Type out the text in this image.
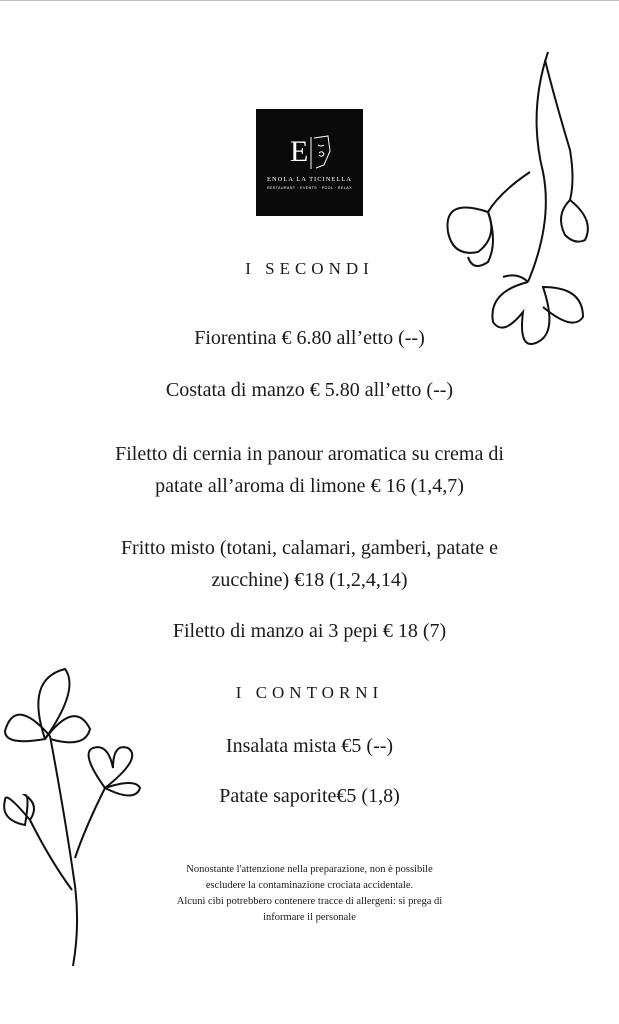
E
ENOLA LA TICINELLA
RESTAURANT · EVENTS · POOL · RELAX
I SECONDI
Fiorentina € 6.80 all’etto (--)
Costata di manzo € 5.80 all’etto (--)
Filetto di cernia in panour aromatica su crema di
patate all’aroma di limone € 16 (1,4,7)
Fritto misto (totani, calamari, gamberi, patate e
zucchine) €18 (1,2,4,14)
Filetto di manzo ai 3 pepi € 18 (7)
I CONTORNI
Insalata mista €5 (--)
Patate saporite€5 (1,8)
Nonostante l'attenzione nella preparazione, non è possibile
escludere la contaminazione crociata accidentale.
Alcuni cibi potrebbero contenere tracce di allergeni: si prega di
informare il personale
